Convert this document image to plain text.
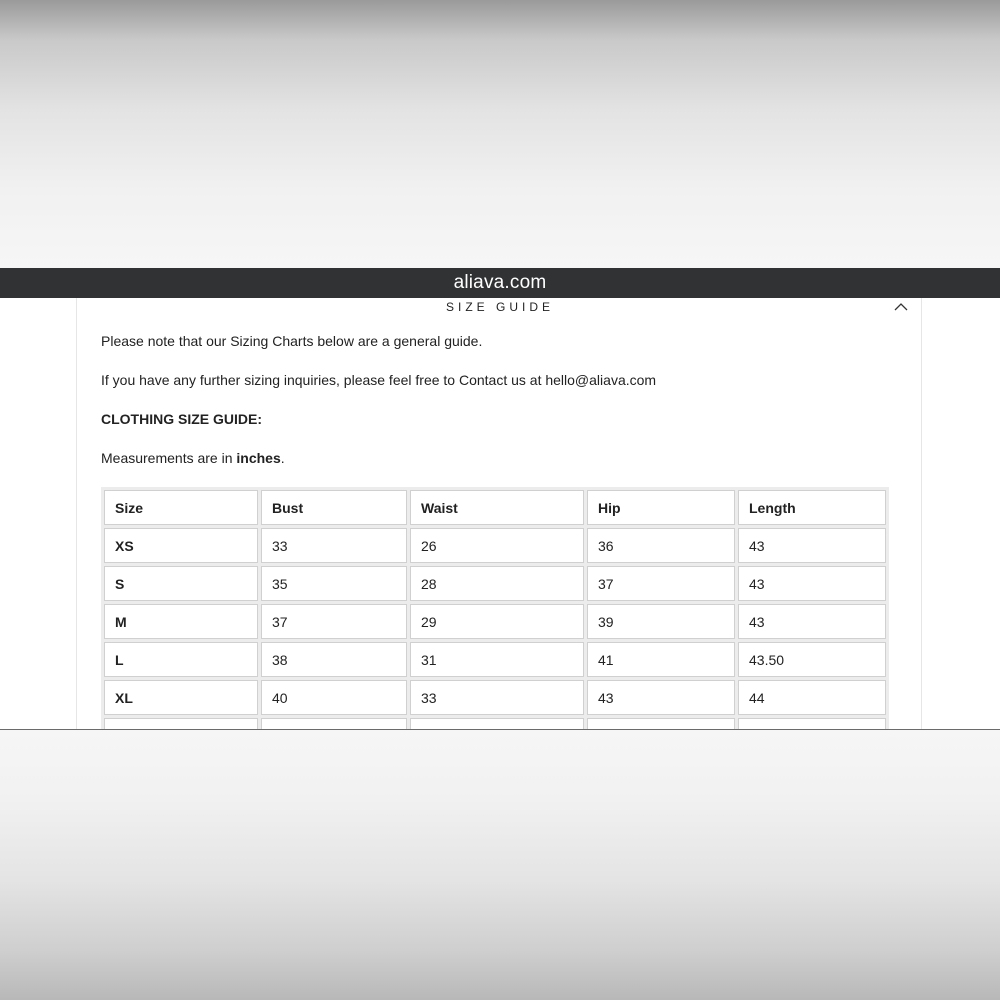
aliava.com
SIZE GUIDE
Please note that our Sizing Charts below are a general guide.
If you have any further sizing inquiries, please feel free to Contact us at hello@aliava.com
CLOTHING SIZE GUIDE:
Measurements are in inches.
Size	Bust	Waist	Hip	Length
XS	33	26	36	43
S	35	28	37	43
M	37	29	39	43
L	38	31	41	43.50
XL	40	33	43	44
